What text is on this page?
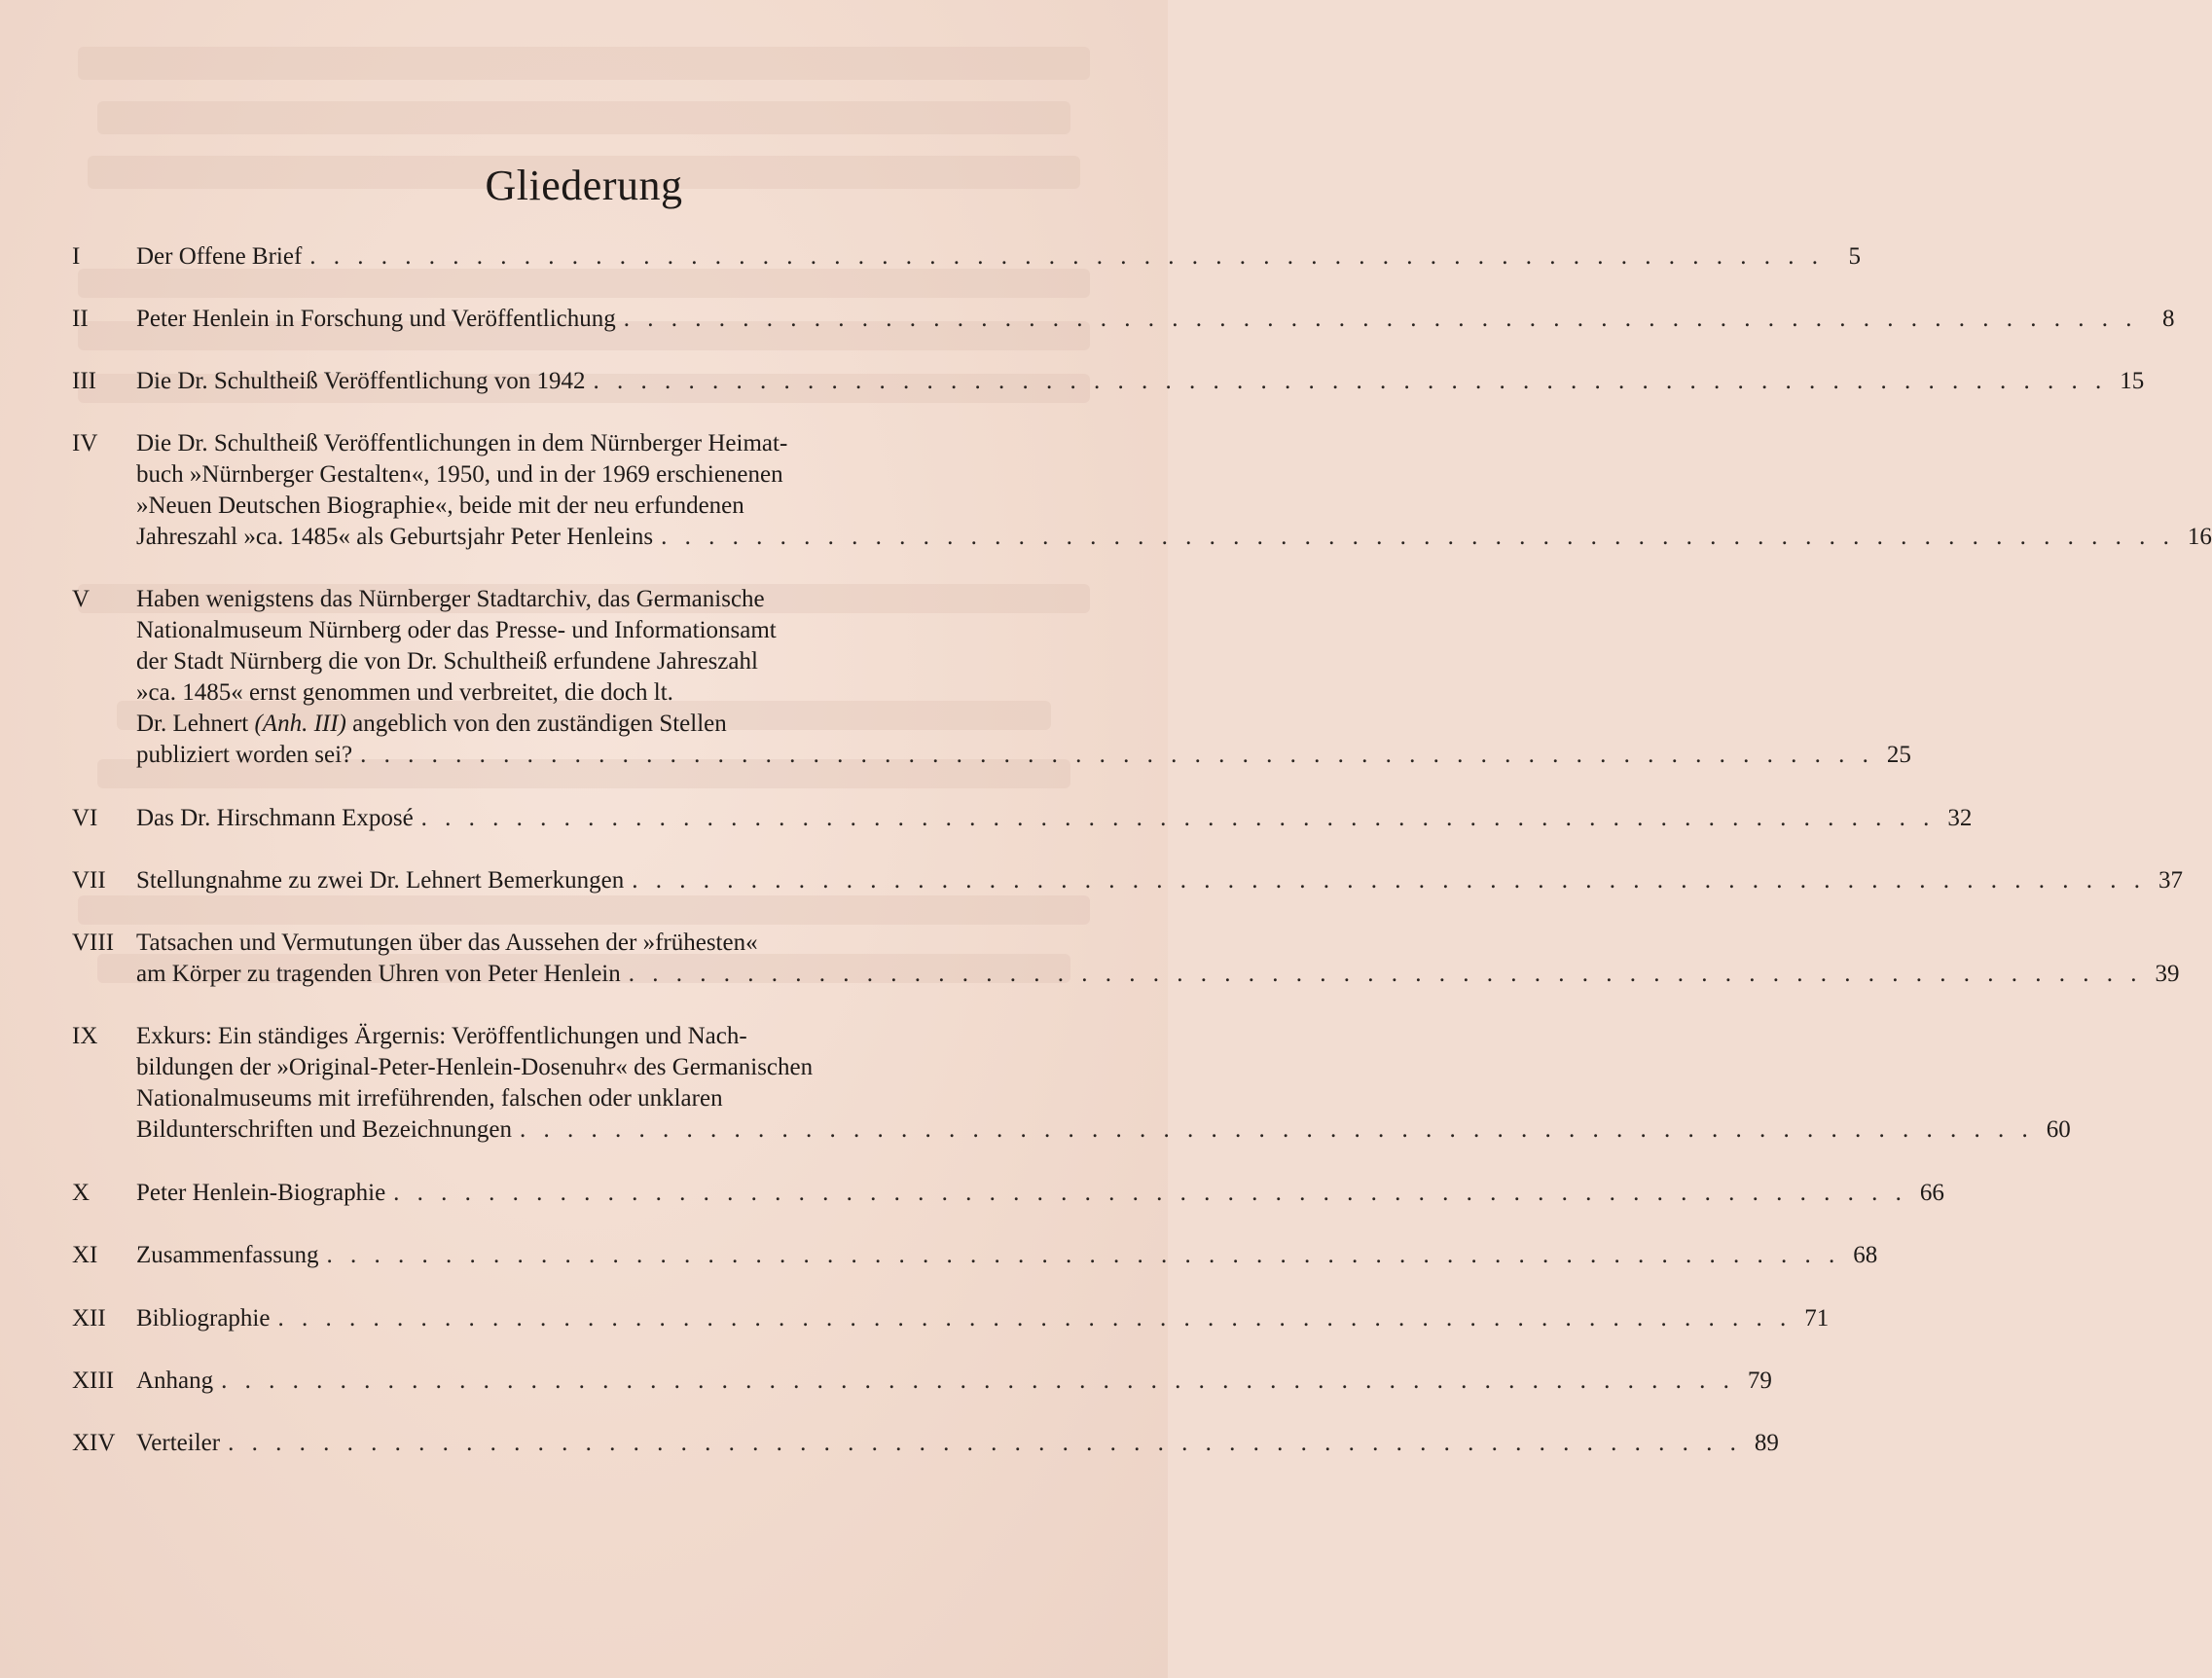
Gliederung
I	Der Offene Brief . . . . . . . . . . . . . . . . . . . . . . . . . . . . . . . . . . . . . . . . . . . . . . . . . . . . . . . . . . . . . . . .	5
II	Peter Henlein in Forschung und Veröffentlichung . . . . . . . . . . . . . . . . . . . . . . . . . . . . . . . . . . . . . . . . . . . . . . . . . . . . . . . . . . . . . . . .	8
III	Die Dr. Schultheiß Veröffentlichung von 1942 . . . . . . . . . . . . . . . . . . . . . . . . . . . . . . . . . . . . . . . . . . . . . . . . . . . . . . . . . . . . . . . . 15
IV	Die Dr. Schultheiß Veröffentlichungen in dem Nürnberger Heimat-
buch »Nürnberger Gestalten«, 1950, und in der 1969 erschienenen
»Neuen Deutschen Biographie«, beide mit der neu erfundenen
Jahreszahl »ca. 1485« als Geburtsjahr Peter Henleins . . . . . . . . . . . . . . . . . . . . . . . . . . . . . . . . . . . . . . . . . . . . . . . . . . . . . . . . . . . . . . . . 16
V	Haben wenigstens das Nürnberger Stadtarchiv, das Germanische
Nationalmuseum Nürnberg oder das Presse- und Informationsamt
der Stadt Nürnberg die von Dr. Schultheiß erfundene Jahreszahl
»ca. 1485« ernst genommen und verbreitet, die doch lt.
Dr. Lehnert (Anh. III) angeblich von den zuständigen Stellen
publiziert worden sei? . . . . . . . . . . . . . . . . . . . . . . . . . . . . . . . . . . . . . . . . . . . . . . . . . . . . . . . . . . . . . . . . 25
VI	Das Dr. Hirschmann Exposé . . . . . . . . . . . . . . . . . . . . . . . . . . . . . . . . . . . . . . . . . . . . . . . . . . . . . . . . . . . . . . . . 32
VII	Stellungnahme zu zwei Dr. Lehnert Bemerkungen . . . . . . . . . . . . . . . . . . . . . . . . . . . . . . . . . . . . . . . . . . . . . . . . . . . . . . . . . . . . . . . . 37
VIII Tatsachen und Vermutungen über das Aussehen der »frühesten«
am Körper zu tragenden Uhren von Peter Henlein . . . . . . . . . . . . . . . . . . . . . . . . . . . . . . . . . . . . . . . . . . . . . . . . . . . . . . . . . . . . . . . . 39
IX	Exkurs: Ein ständiges Ärgernis: Veröffentlichungen und Nach-
bildungen der »Original-Peter-Henlein-Dosenuhr« des Germanischen
Nationalmuseums mit irreführenden, falschen oder unklaren
Bildunterschriften und Bezeichnungen . . . . . . . . . . . . . . . . . . . . . . . . . . . . . . . . . . . . . . . . . . . . . . . . . . . . . . . . . . . . . . . . 60
X	Peter Henlein-Biographie . . . . . . . . . . . . . . . . . . . . . . . . . . . . . . . . . . . . . . . . . . . . . . . . . . . . . . . . . . . . . . . . 66
XI	Zusammenfassung . . . . . . . . . . . . . . . . . . . . . . . . . . . . . . . . . . . . . . . . . . . . . . . . . . . . . . . . . . . . . . . . 68
XII	Bibliographie . . . . . . . . . . . . . . . . . . . . . . . . . . . . . . . . . . . . . . . . . . . . . . . . . . . . . . . . . . . . . . . . 71
XIII Anhang . . . . . . . . . . . . . . . . . . . . . . . . . . . . . . . . . . . . . . . . . . . . . . . . . . . . . . . . . . . . . . . . 79
XIV Verteiler . . . . . . . . . . . . . . . . . . . . . . . . . . . . . . . . . . . . . . . . . . . . . . . . . . . . . . . . . . . . . . . . 89
